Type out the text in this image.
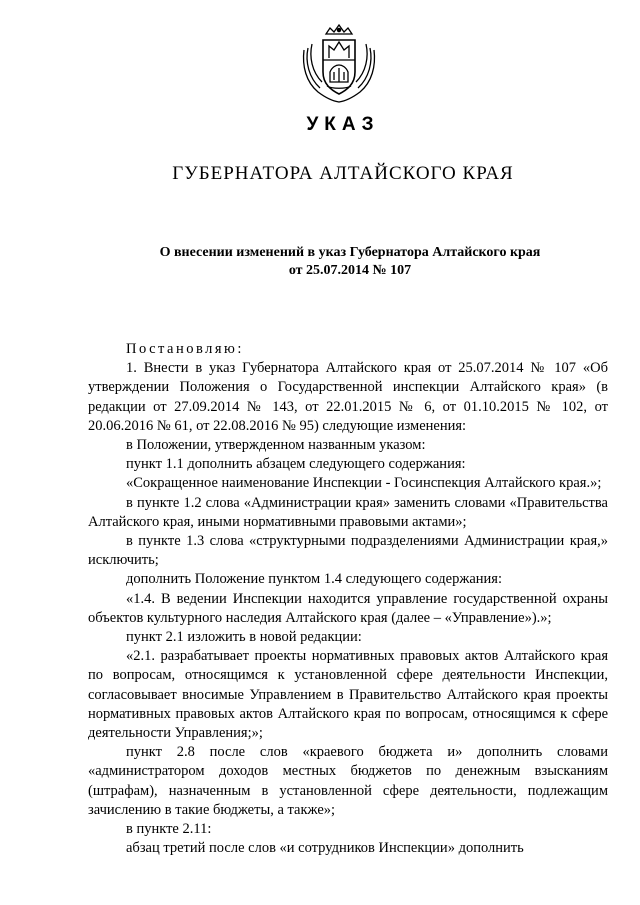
УКАЗ
ГУБЕРНАТОРА АЛТАЙСКОГО КРАЯ
О внесении изменений в указ Губернатора Алтайского края
от 25.07.2014 № 107

Постановляю:

1. Внести в указ Губернатора Алтайского края от 25.07.2014 № 107 «Об утверждении Положения о Государственной инспекции Алтайского края» (в редакции от 27.09.2014 № 143, от 22.01.2015 № 6, от 01.10.2015 № 102, от 20.06.2016 № 61, от 22.08.2016 № 95) следующие изменения:

в Положении, утвержденном названным указом:

пункт 1.1 дополнить абзацем следующего содержания:

«Сокращенное наименование Инспекции - Госинспекция Алтайского края.»;

в пункте 1.2 слова «Администрации края» заменить словами «Правительства Алтайского края, иными нормативными правовыми актами»;

в пункте 1.3 слова «структурными подразделениями Администрации края,» исключить;

дополнить Положение пунктом 1.4 следующего содержания:

«1.4. В ведении Инспекции находится управление государственной охраны объектов культурного наследия Алтайского края (далее – «Управление»).»;

пункт 2.1 изложить в новой редакции:

«2.1. разрабатывает проекты нормативных правовых актов Алтайского края по вопросам, относящимся к установленной сфере деятельности Инспекции, согласовывает вносимые Управлением в Правительство Алтайского края проекты нормативных правовых актов Алтайского края по вопросам, относящимся к сфере деятельности Управления;»;

пункт 2.8 после слов «краевого бюджета и» дополнить словами «администратором доходов местных бюджетов по денежным взысканиям (штрафам), назначенным в установленной сфере деятельности, подлежащим зачислению в такие бюджеты, а также»;

в пункте 2.11:

абзац третий после слов «и сотрудников Инспекции» дополнить
